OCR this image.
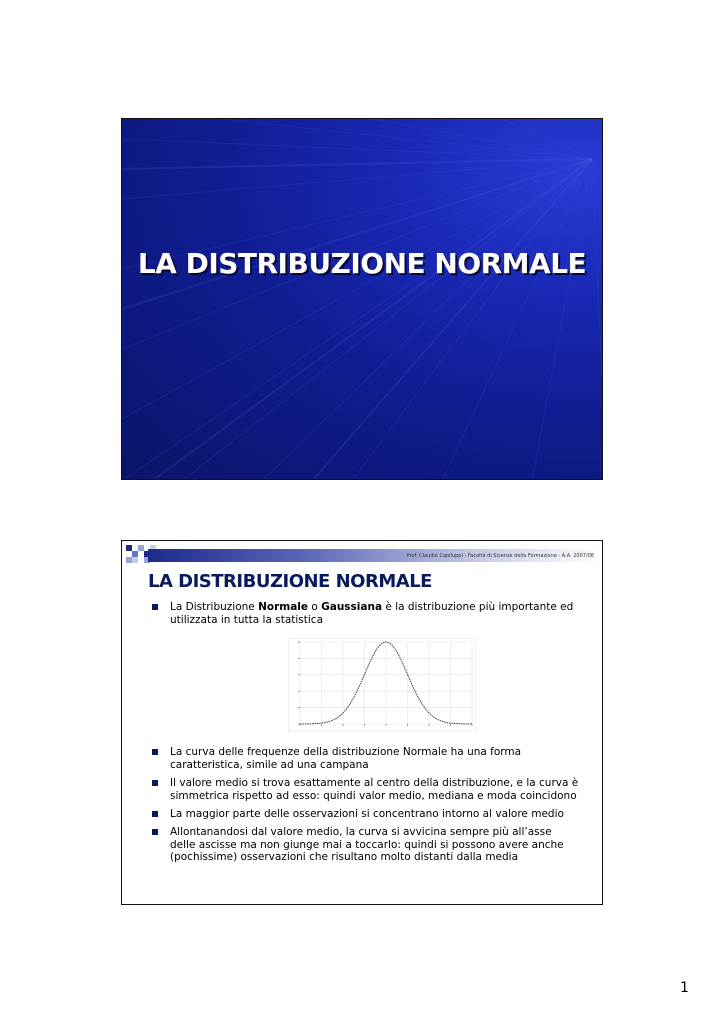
LA DISTRIBUZIONE NORMALE
Prof. Claudio Capiluppi - Facoltà di Scienze della Formazione - A.A. 2007/08
LA DISTRIBUZIONE NORMALE
La Distribuzione Normale o Gaussiana è la distribuzione più importante ed utilizzata in tutta la statistica
La curva delle frequenze della distribuzione Normale ha una forma caratteristica, simile ad una campana
Il valore medio si trova esattamente al centro della distribuzione, e la curva è simmetrica rispetto ad esso: quindi valor medio, mediana e moda coincidono
La maggior parte delle osservazioni si concentrano intorno al valore medio
Allontanandosi dal valore medio, la curva si avvicina sempre più all’asse delle ascisse ma non giunge mai a toccarlo: quindi si possono avere anche (pochissime) osservazioni che risultano molto distanti dalla media
1
